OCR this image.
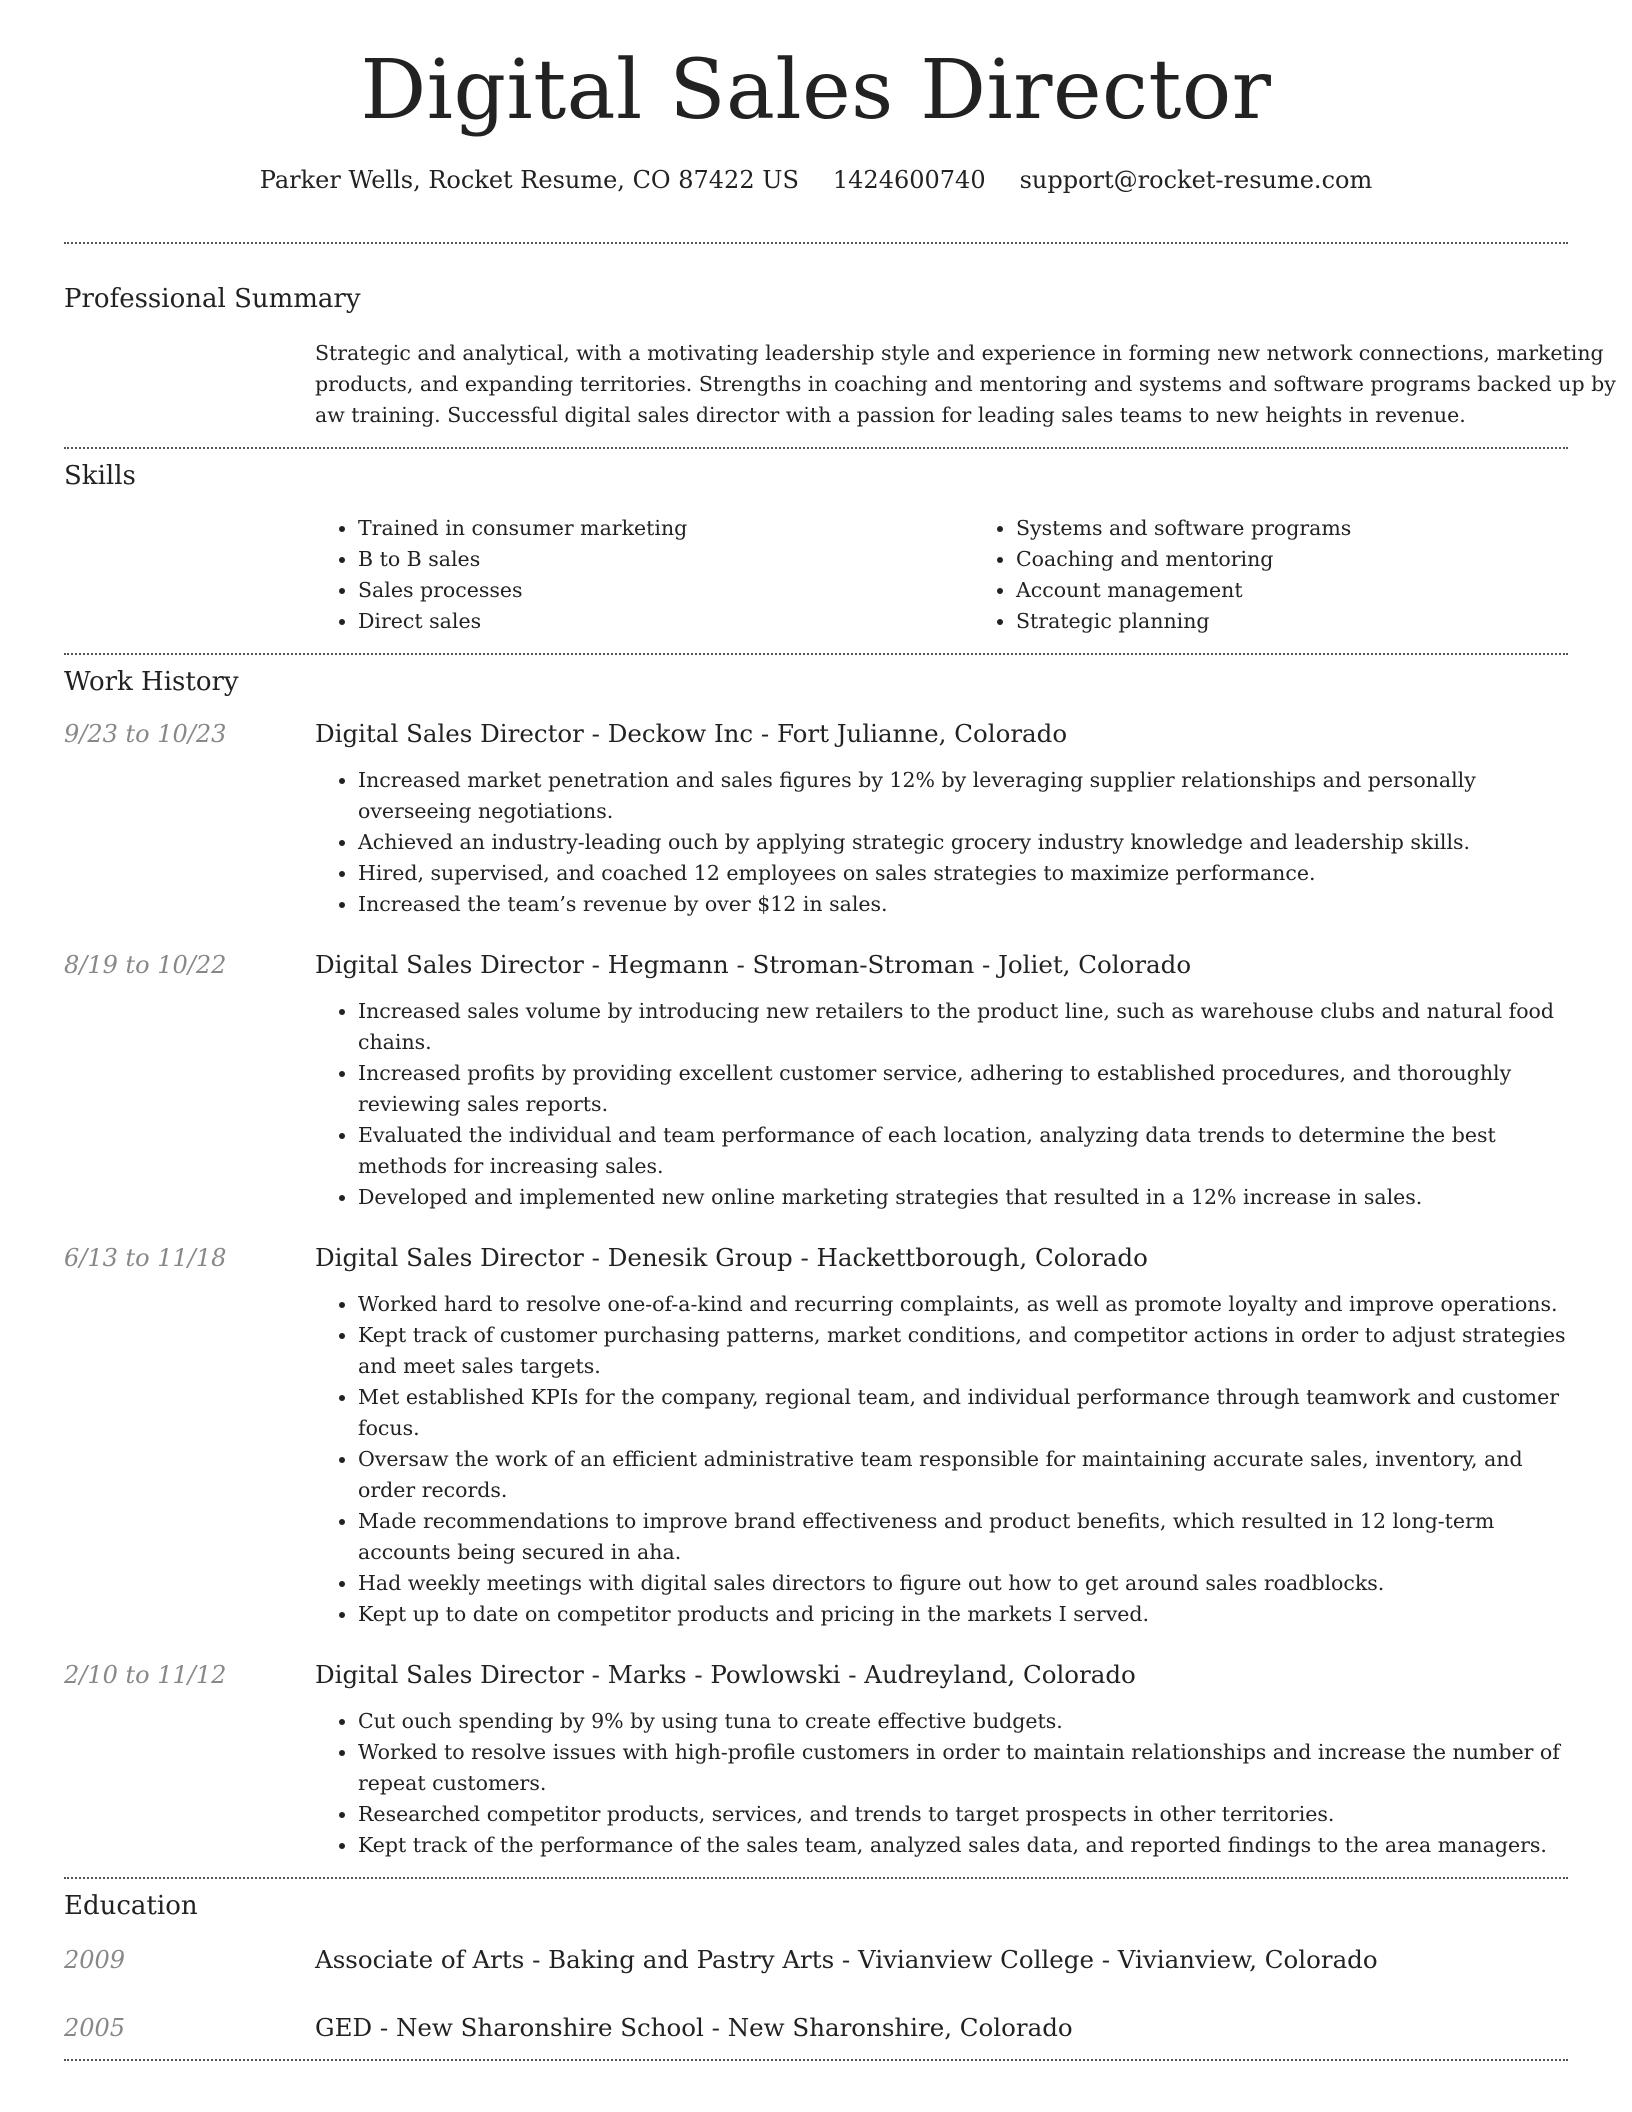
Digital Sales Director
Parker Wells, Rocket Resume, CO 87422 US 1424600740 support@rocket-resume.com
Professional Summary

Strategic and analytical, with a motivating leadership style and experience in forming new network connections, marketing products, and expanding territories. Strengths in coaching and mentoring and systems and software programs backed up by aw training. Successful digital sales director with a passion for leading sales teams to new heights in revenue.

Skills
• Trained in consumer marketing
• B to B sales
• Sales processes
• Direct sales
• Systems and software programs
• Coaching and mentoring
• Account management
• Strategic planning
Work History
9/23 to 10/23	Digital Sales Director - Deckow Inc - Fort Julianne, Colorado
• Increased market penetration and sales figures by 12% by leveraging supplier relationships and personally overseeing negotiations.
• Achieved an industry-leading ouch by applying strategic grocery industry knowledge and leadership skills.
• Hired, supervised, and coached 12 employees on sales strategies to maximize performance.
• Increased the team’s revenue by over $12 in sales.
8/19 to 10/22	Digital Sales Director - Hegmann - Stroman-Stroman - Joliet, Colorado
• Increased sales volume by introducing new retailers to the product line, such as warehouse clubs and natural food chains.
• Increased profits by providing excellent customer service, adhering to established procedures, and thoroughly reviewing sales reports.
• Evaluated the individual and team performance of each location, analyzing data trends to determine the best methods for increasing sales.
• Developed and implemented new online marketing strategies that resulted in a 12% increase in sales.
6/13 to 11/18	Digital Sales Director - Denesik Group - Hackettborough, Colorado
• Worked hard to resolve one-of-a-kind and recurring complaints, as well as promote loyalty and improve operations.
• Kept track of customer purchasing patterns, market conditions, and competitor actions in order to adjust strategies and meet sales targets.
• Met established KPIs for the company, regional team, and individual performance through teamwork and customer focus.
• Oversaw the work of an efficient administrative team responsible for maintaining accurate sales, inventory, and order records.
• Made recommendations to improve brand effectiveness and product benefits, which resulted in 12 long-term accounts being secured in aha.
• Had weekly meetings with digital sales directors to figure out how to get around sales roadblocks.
• Kept up to date on competitor products and pricing in the markets I served.
2/10 to 11/12	Digital Sales Director - Marks - Powlowski - Audreyland, Colorado
• Cut ouch spending by 9% by using tuna to create effective budgets.
• Worked to resolve issues with high-profile customers in order to maintain relationships and increase the number of repeat customers.
• Researched competitor products, services, and trends to target prospects in other territories.
• Kept track of the performance of the sales team, analyzed sales data, and reported findings to the area managers.
Education
2009	Associate of Arts - Baking and Pastry Arts - Vivianview College - Vivianview, Colorado
2005	GED - New Sharonshire School - New Sharonshire, Colorado
